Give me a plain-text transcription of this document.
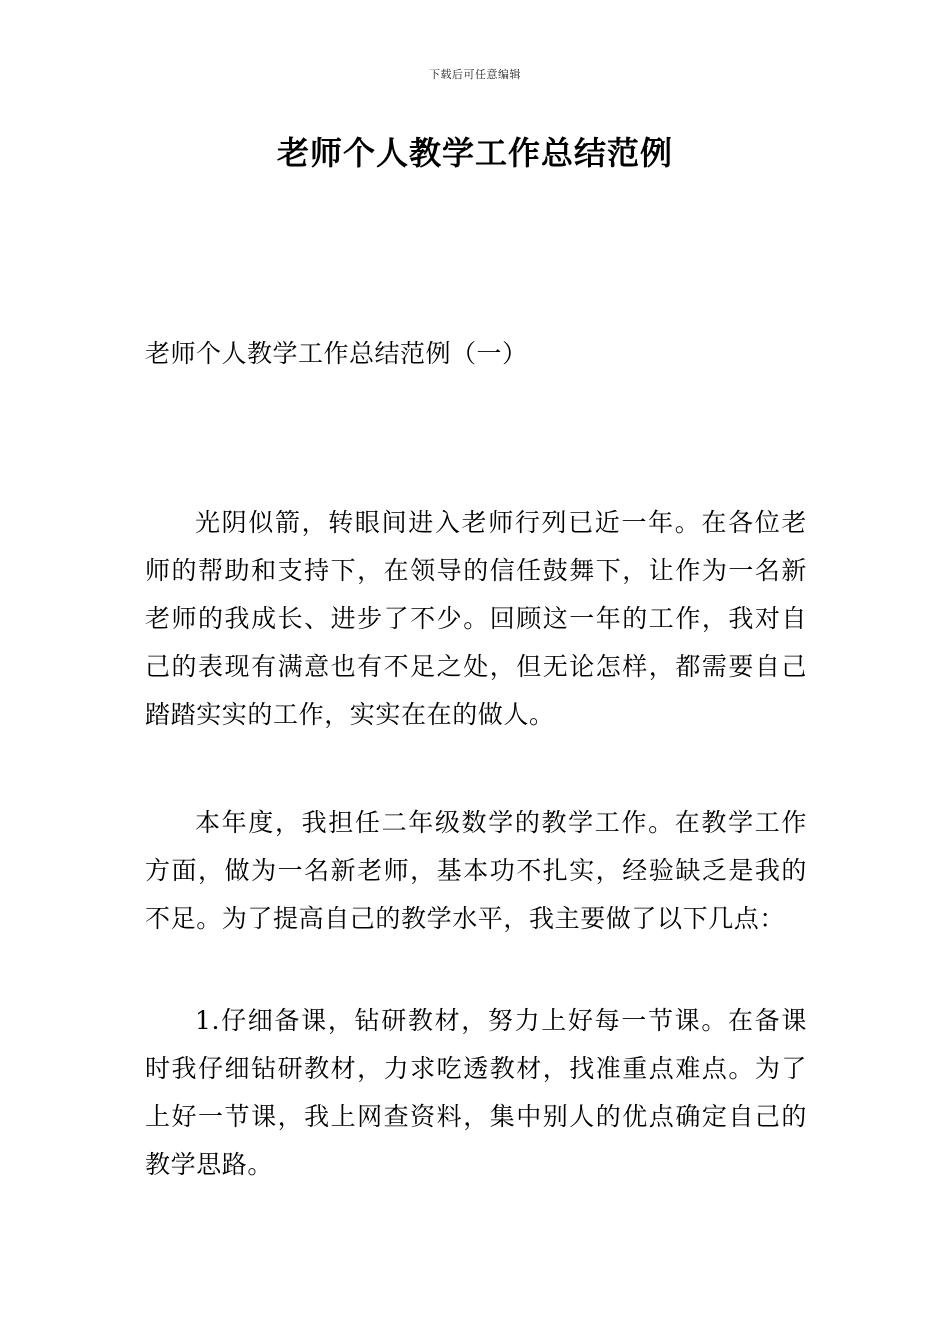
下载后可任意编辑
老师个人教学工作总结范例
老师个人教学工作总结范例（一）

光阴似箭，转眼间进入老师行列已近一年。在各位老师的帮助和支持下，在领导的信任鼓舞下，让作为一名新老师的我成长、进步了不少。回顾这一年的工作，我对自己的表现有满意也有不足之处，但无论怎样，都需要自己踏踏实实的工作，实实在在的做人。

本年度，我担任二年级数学的教学工作。在教学工作方面，做为一名新老师，基本功不扎实，经验缺乏是我的不足。为了提高自己的教学水平，我主要做了以下几点：

1.仔细备课，钻研教材，努力上好每一节课。在备课时我仔细钻研教材，力求吃透教材，找准重点难点。为了上好一节课，我上网查资料，集中别人的优点确定自己的教学思路。
